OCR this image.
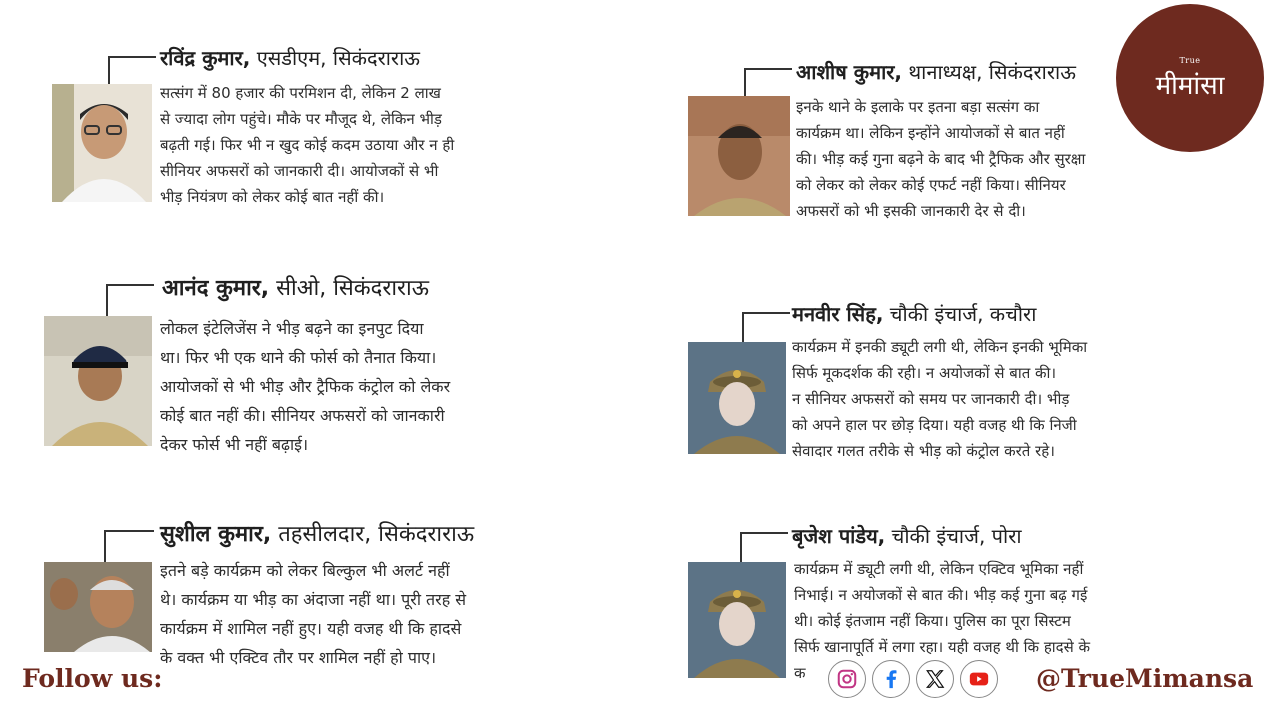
रविंद्र कुमार, एसडीएम, सिकंदराराऊ

सत्संग में 80 हजार की परमिशन दी, लेकिन 2 लाख

से ज्यादा लोग पहुंचे। मौके पर मौजूद थे, लेकिन भीड़

बढ़ती गई। फिर भी न खुद कोई कदम उठाया और न ही

सीनियर अफसरों को जानकारी दी। आयोजकों से भी

भीड़ नियंत्रण को लेकर कोई बात नहीं की।

आनंद कुमार, सीओ, सिकंदराराऊ

लोकल इंटेलिजेंस ने भीड़ बढ़ने का इनपुट दिया

था। फिर भी एक थाने की फोर्स को तैनात किया।

आयोजकों से भी भीड़ और ट्रैफिक कंट्रोल को लेकर

कोई बात नहीं की। सीनियर अफसरों को जानकारी

देकर फोर्स भी नहीं बढ़ाई।

सुशील कुमार, तहसीलदार, सिकंदराराऊ

इतने बड़े कार्यक्रम को लेकर बिल्कुल भी अलर्ट नहीं

थे। कार्यक्रम या भीड़ का अंदाजा नहीं था। पूरी तरह से

कार्यक्रम में शामिल नहीं हुए। यही वजह थी कि हादसे

के वक्त भी एक्टिव तौर पर शामिल नहीं हो पाए।

आशीष कुमार, थानाध्यक्ष, सिकंदराराऊ

इनके थाने के इलाके पर इतना बड़ा सत्संग का

कार्यक्रम था। लेकिन इन्होंने आयोजकों से बात नहीं

की। भीड़ कई गुना बढ़ने के बाद भी ट्रैफिक और सुरक्षा

को लेकर को लेकर कोई एफर्ट नहीं किया। सीनियर

अफसरों को भी इसकी जानकारी देर से दी।

मनवीर सिंह, चौकी इंचार्ज, कचौरा

कार्यक्रम में इनकी ड्यूटी लगी थी, लेकिन इनकी भूमिका

सिर्फ मूकदर्शक की रही। न अयोजकों से बात की।

न सीनियर अफसरों को समय पर जानकारी दी। भीड़

को अपने हाल पर छोड़ दिया। यही वजह थी कि निजी

सेवादार गलत तरीके से भीड़ को कंट्रोल करते रहे।

बृजेश पांडेय, चौकी इंचार्ज, पोरा

कार्यक्रम में ड्यूटी लगी थी, लेकिन एक्टिव भूमिका नहीं

निभाई। न अयोजकों से बात की। भीड़ कई गुना बढ़ गई

थी। कोई इंतजाम नहीं किया। पुलिस का पूरा सिस्टम

सिर्फ खानापूर्ति में लगा रहा। यही वजह थी कि हादसे के

क

True
मीमांसा
Follow us:	@TrueMimansa
